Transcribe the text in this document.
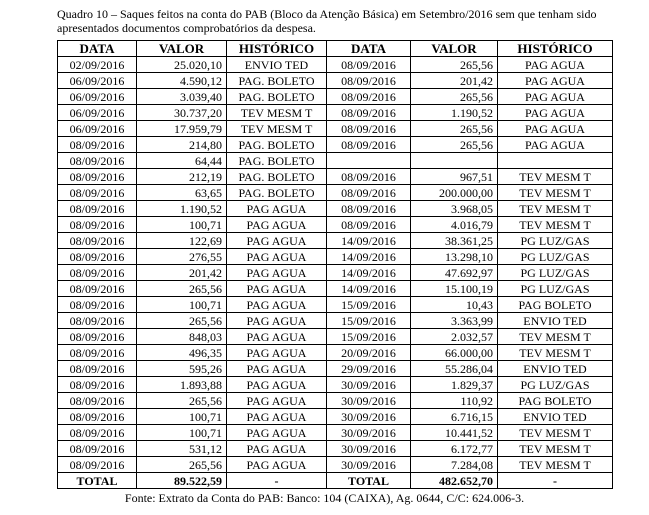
Quadro 10 – Saques feitos na conta do PAB (Bloco da Atenção Básica) em Setembro/2016 sem que tenham sido apresentados documentos comprobatórios da despesa.
DATA	VALOR	HISTÓRICO	DATA	VALOR	HISTÓRICO
02/09/2016	25.020,10	ENVIO TED	08/09/2016	265,56	PAG AGUA
06/09/2016	4.590,12	PAG. BOLETO	08/09/2016	201,42	PAG AGUA
06/09/2016	3.039,40	PAG. BOLETO	08/09/2016	265,56	PAG AGUA
06/09/2016	30.737,20	TEV MESM T	08/09/2016	1.190,52	PAG AGUA
06/09/2016	17.959,79	TEV MESM T	08/09/2016	265,56	PAG AGUA
08/09/2016	214,80	PAG. BOLETO	08/09/2016	265,56	PAG AGUA
08/09/2016	64,44	PAG. BOLETO			
08/09/2016	212,19	PAG. BOLETO	08/09/2016	967,51	TEV MESM T
08/09/2016	63,65	PAG. BOLETO	08/09/2016	200.000,00	TEV MESM T
08/09/2016	1.190,52	PAG AGUA	08/09/2016	3.968,05	TEV MESM T
08/09/2016	100,71	PAG AGUA	08/09/2016	4.016,79	TEV MESM T
08/09/2016	122,69	PAG AGUA	14/09/2016	38.361,25	PG LUZ/GAS
08/09/2016	276,55	PAG AGUA	14/09/2016	13.298,10	PG LUZ/GAS
08/09/2016	201,42	PAG AGUA	14/09/2016	47.692,97	PG LUZ/GAS
08/09/2016	265,56	PAG AGUA	14/09/2016	15.100,19	PG LUZ/GAS
08/09/2016	100,71	PAG AGUA	15/09/2016	10,43	PAG BOLETO
08/09/2016	265,56	PAG AGUA	15/09/2016	3.363,99	ENVIO TED
08/09/2016	848,03	PAG AGUA	15/09/2016	2.032,57	TEV MESM T
08/09/2016	496,35	PAG AGUA	20/09/2016	66.000,00	TEV MESM T
08/09/2016	595,26	PAG AGUA	29/09/2016	55.286,04	ENVIO TED
08/09/2016	1.893,88	PAG AGUA	30/09/2016	1.829,37	PG LUZ/GAS
08/09/2016	265,56	PAG AGUA	30/09/2016	110,92	PAG BOLETO
08/09/2016	100,71	PAG AGUA	30/09/2016	6.716,15	ENVIO TED
08/09/2016	100,71	PAG AGUA	30/09/2016	10.441,52	TEV MESM T
08/09/2016	531,12	PAG AGUA	30/09/2016	6.172,77	TEV MESM T
08/09/2016	265,56	PAG AGUA	30/09/2016	7.284,08	TEV MESM T
TOTAL	89.522,59	-	TOTAL	482.652,70	-
Fonte: Extrato da Conta do PAB: Banco: 104 (CAIXA), Ag. 0644, C/C: 624.006-3.
